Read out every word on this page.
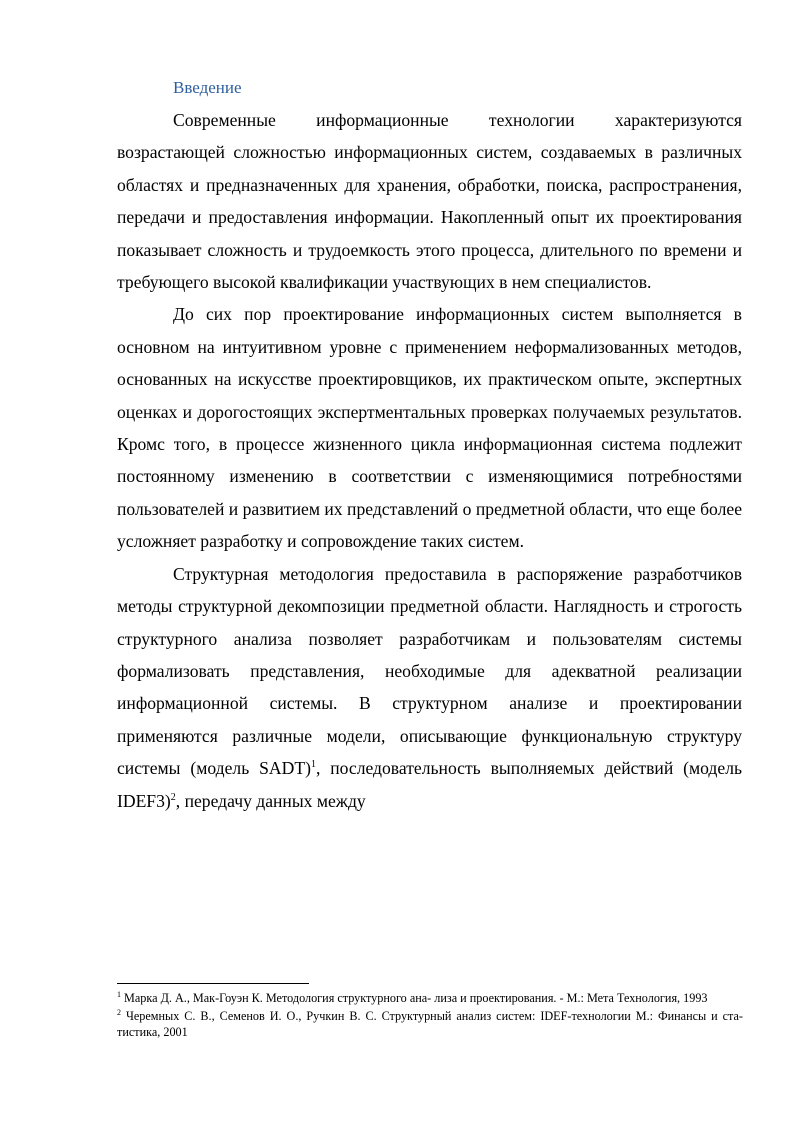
Введение

Современные информационные технологии характеризуются возрастающей сложностью информационных систем, создаваемых в различных областях и предназначенных для хранения, обработки, поиска, распространения, передачи и предоставления информации. Накопленный опыт их проектирования показывает сложность и трудоемкость этого процесса, длительного по времени и требующего высокой квалификации участвующих в нем специалистов.

До сих пор проектирование информационных систем выполняется в основном на интуитивном уровне с применением неформализованных методов, основанных на искусстве проектировщиков, их практическом опыте, экспертных оценках и дорогостоящих экспертментальных проверках получаемых результатов. Кромс того, в процессе жизненного цикла информационная система подлежит постоянному изменению в соответствии с изменяющимися потребностями пользователей и развитием их представлений о предметной области, что еще более усложняет разработку и сопровождение таких систем.

Структурная методология предоставила в распоряжение разработчиков методы структурной декомпозиции предметной области. Наглядность и строгость структурного анализа позволяет разработчикам и пользователям системы формализовать представления, необходимые для адекватной реализации информационной системы. В структурном анализе и проектировании применяются различные модели, описывающие функциональную структуру системы (модель SADT)$^1$, последовательность выполняемых действий (модель IDEF3)$^2$, передачу данных между

$^1$ Марка Д. А., Мак-Гоуэн К. Методология структурного ана- лиза и проектирования. - М.: Мета Технология, 1993

$^2$ Черемных С. В., Семенов И. О., Ручкин В. С. Структурный анализ систем: IDEF-технологии М.: Финансы и ста- тистика, 2001
